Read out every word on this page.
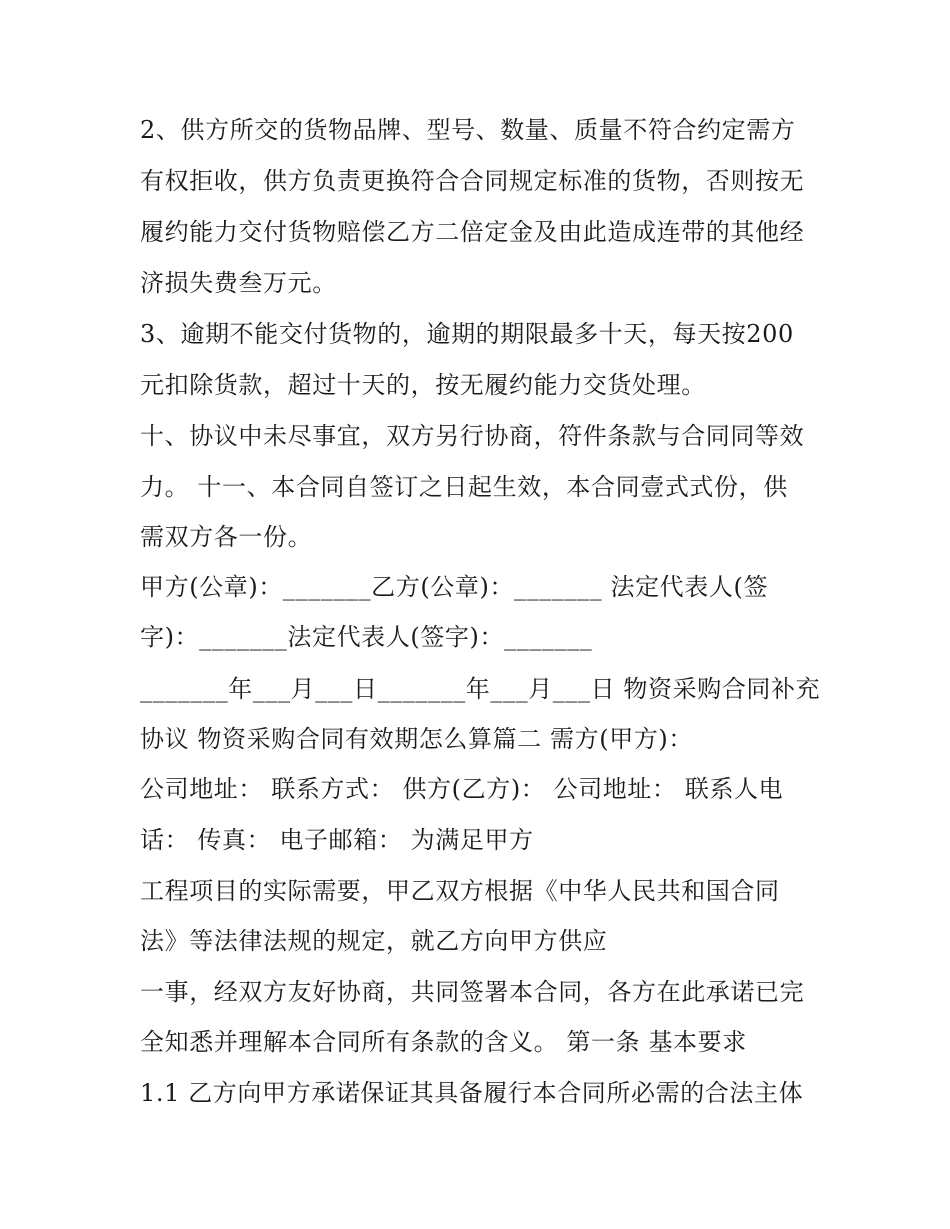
2、供方所交的货物品牌、型号、数量、质量不符合约定需方
有权拒收，供方负责更换符合合同规定标准的货物，否则按无
履约能力交付货物赔偿乙方二倍定金及由此造成连带的其他经
济损失费叁万元。
3、逾期不能交付货物的，逾期的期限最多十天，每天按200
元扣除货款，超过十天的，按无履约能力交货处理。
十、协议中未尽事宜，双方另行协商，符件条款与合同同等效
力。 十一、本合同自签订之日起生效，本合同壹式式份，供
需双方各一份。
甲方(公章)：_______乙方(公章)：_______ 法定代表人(签
字)：_______法定代表人(签字)：_______
_______年___月___日_______年___月___日 物资采购合同补充
协议 物资采购合同有效期怎么算篇二 需方(甲方)：
公司地址： 联系方式： 供方(乙方)： 公司地址： 联系人电
话： 传真： 电子邮箱： 为满足甲方
工程项目的实际需要，甲乙双方根据《中华人民共和国合同
法》等法律法规的规定，就乙方向甲方供应
一事，经双方友好协商，共同签署本合同，各方在此承诺已完
全知悉并理解本合同所有条款的含义。 第一条 基本要求
1.1 乙方向甲方承诺保证其具备履行本合同所必需的合法主体
